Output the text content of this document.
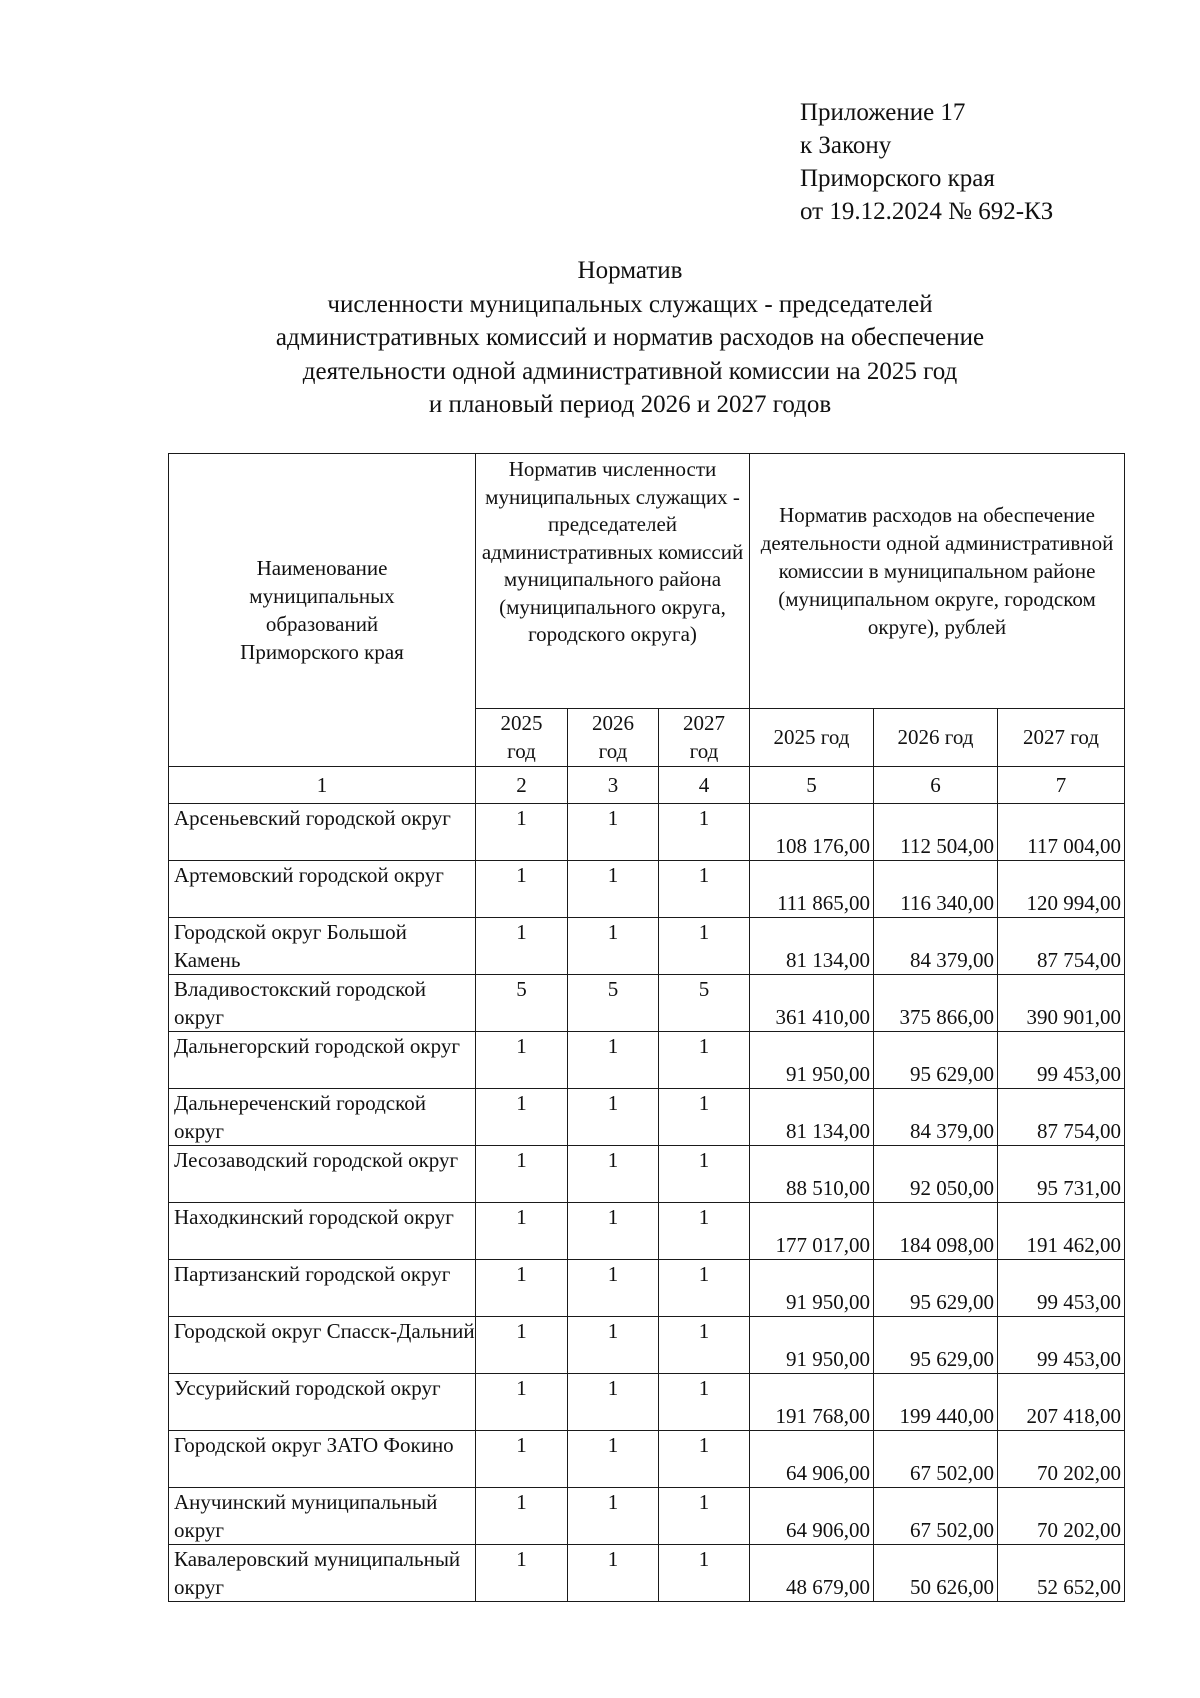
Приложение 17
к Закону
Приморского края
от 19.12.2024 № 692-КЗ
Норматив
численности муниципальных служащих - председателей
административных комиссий и норматив расходов на обеспечение
деятельности одной административной комиссии на 2025 год
и плановый период 2026 и 2027 годов
Наименование муниципальных образований Приморского края	Норматив численности муниципальных служащих - председателей административных комиссий муниципального района (муниципального округа, городского округа)			Норматив расходов на обеспечение деятельности одной административной комиссии в муниципальном районе (муниципальном округе, городском округе), рублей		
	2025 год	2026 год	2027 год	2025 год	2026 год	2027 год
1	2	3	4	5	6	7
Арсеньевский городской округ	1	1	1	108 176,00	112 504,00	117 004,00
Артемовский городской округ	1	1	1	111 865,00	116 340,00	120 994,00
Городской округ Большой Камень	1	1	1	81 134,00	84 379,00	87 754,00
Владивостокский городской округ	5	5	5	361 410,00	375 866,00	390 901,00
Дальнегорский городской округ	1	1	1	91 950,00	95 629,00	99 453,00
Дальнереченский городской округ	1	1	1	81 134,00	84 379,00	87 754,00
Лесозаводский городской округ	1	1	1	88 510,00	92 050,00	95 731,00
Находкинский городской округ	1	1	1	177 017,00	184 098,00	191 462,00
Партизанский городской округ	1	1	1	91 950,00	95 629,00	99 453,00
Городской округ Спасск-Дальний	1	1	1	91 950,00	95 629,00	99 453,00
Уссурийский городской округ	1	1	1	191 768,00	199 440,00	207 418,00
Городской округ ЗАТО Фокино	1	1	1	64 906,00	67 502,00	70 202,00
Анучинский муниципальный округ	1	1	1	64 906,00	67 502,00	70 202,00
Кавалеровский муниципальный округ	1	1	1	48 679,00	50 626,00	52 652,00
